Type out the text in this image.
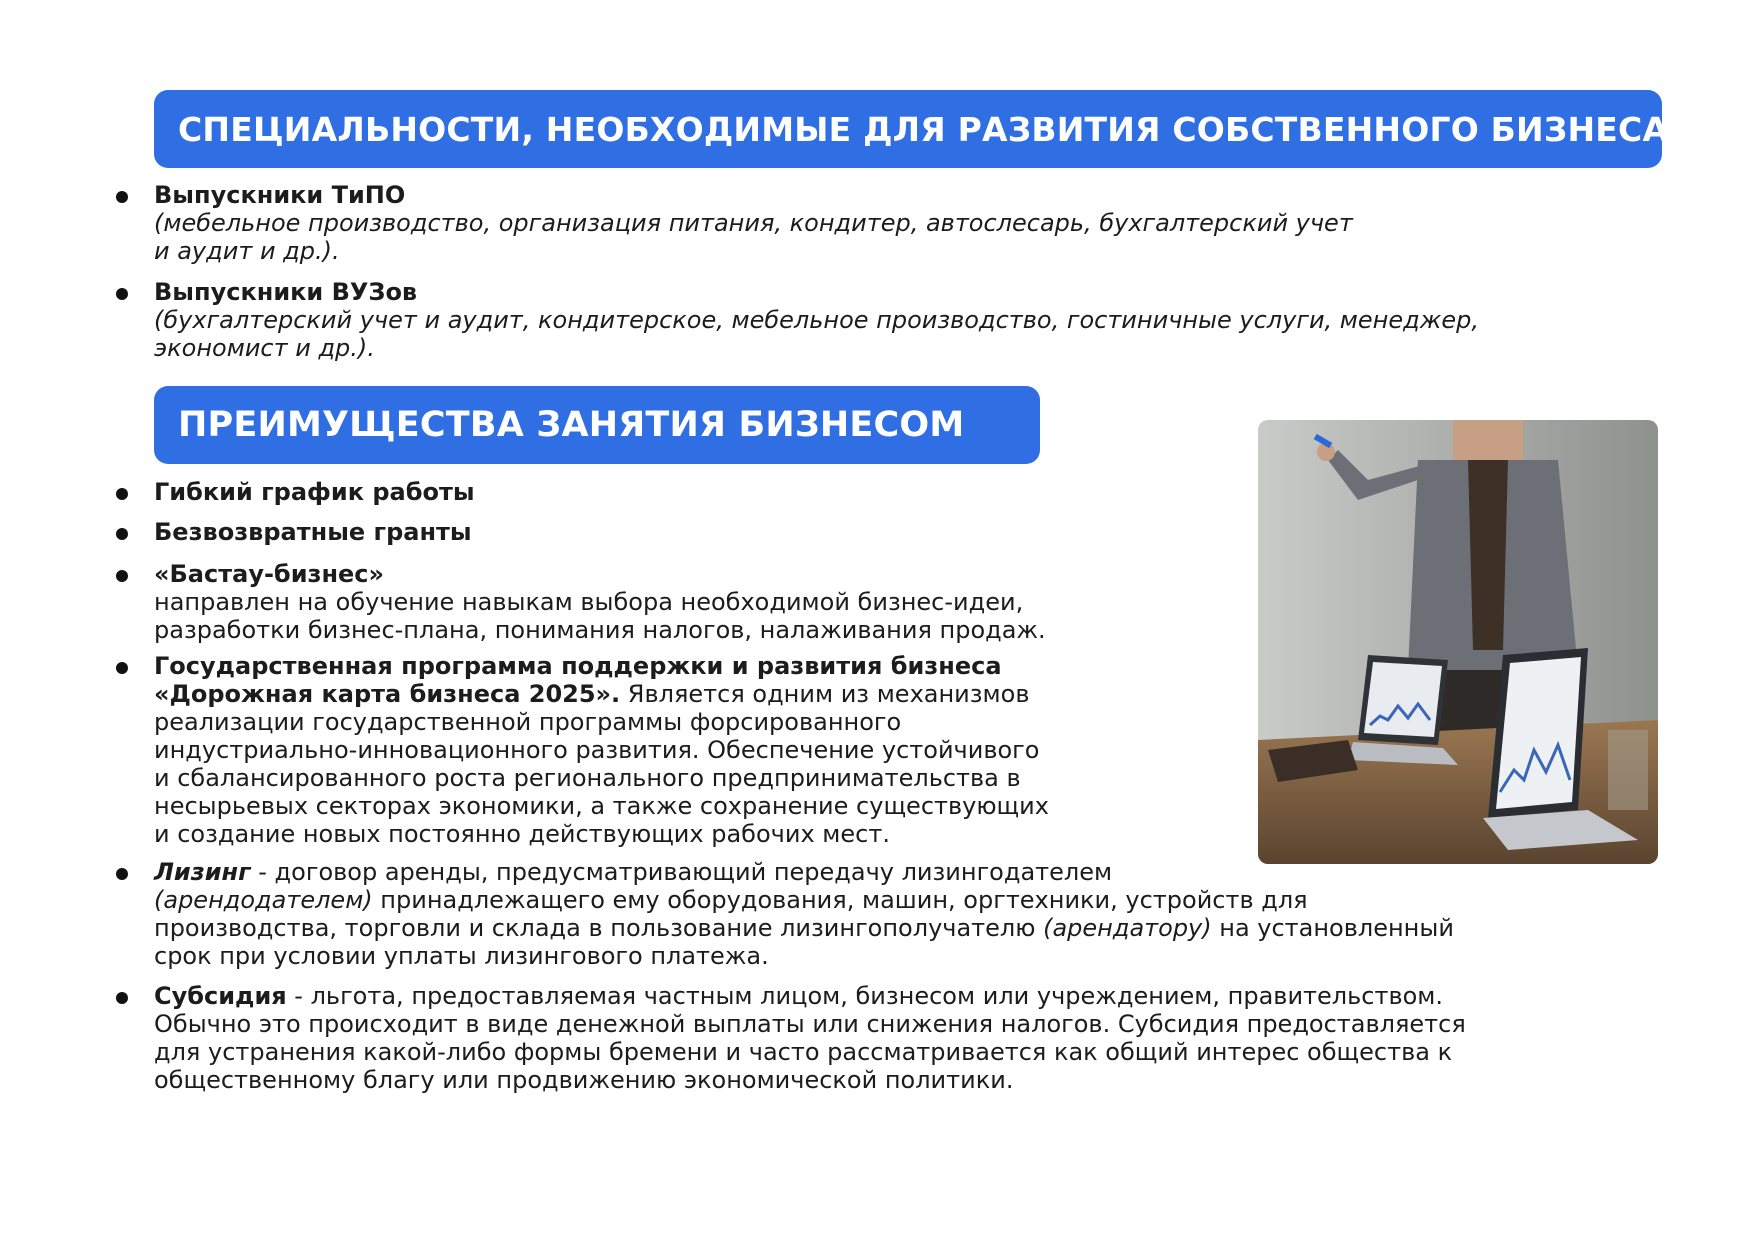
СПЕЦИАЛЬНОСТИ, НЕОБХОДИМЫЕ ДЛЯ РАЗВИТИЯ СОБСТВЕННОГО БИЗНЕСА
Выпускники ТиПО
(мебельное производство, организация питания, кондитер, автослесарь, бухгалтерский учет
и аудит и др.).
Выпускники ВУЗов
(бухгалтерский учет и аудит, кондитерское, мебельное производство, гостиничные услуги, менеджер,
экономист и др.).
ПРЕИМУЩЕСТВА ЗАНЯТИЯ БИЗНЕСОМ
Гибкий график работы
Безвозвратные гранты
«Бастау-бизнес»
направлен на обучение навыкам выбора необходимой бизнес-идеи,
разработки бизнес-плана, понимания налогов, налаживания продаж.
Государственная программа поддержки и развития бизнеса
«Дорожная карта бизнеса 2025». Является одним из механизмов
реализации государственной программы форсированного
индустриально-инновационного развития. Обеспечение устойчивого
и сбалансированного роста регионального предпринимательства в
несырьевых секторах экономики, а также сохранение существующих
и создание новых постоянно действующих рабочих мест.
Лизинг - договор аренды, предусматривающий передачу лизингодателем
(арендодателем) принадлежащего ему оборудования, машин, оргтехники, устройств для
производства, торговли и склада в пользование лизингополучателю (арендатору) на установленный
срок при условии уплаты лизингового платежа.
Субсидия - льгота, предоставляемая частным лицом, бизнесом или учреждением, правительством.
Обычно это происходит в виде денежной выплаты или снижения налогов. Субсидия предоставляется
для устранения какой-либо формы бремени и часто рассматривается как общий интерес общества к
общественному благу или продвижению экономической политики.
